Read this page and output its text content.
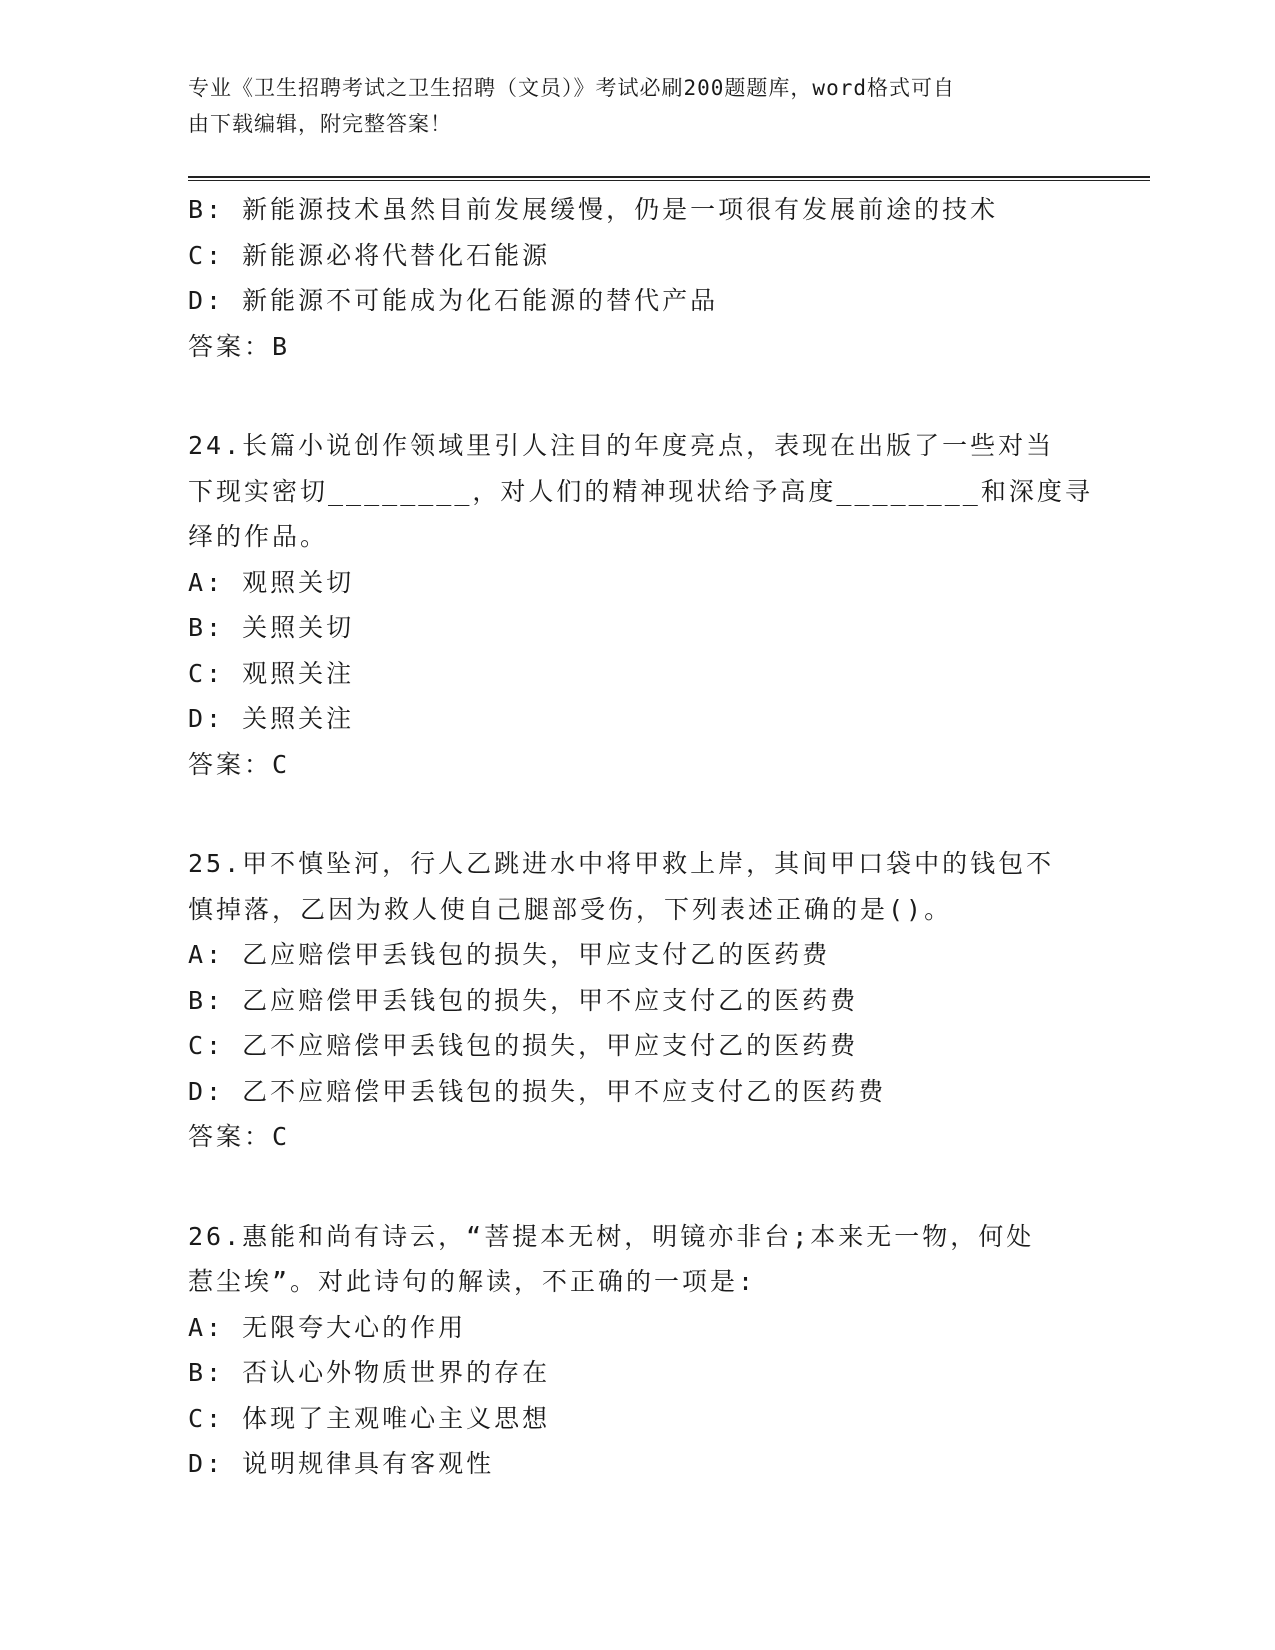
专业《卫生招聘考试之卫生招聘（文员）》考试必刷200题题库，word格式可自
由下载编辑，附完整答案！
B: 新能源技术虽然目前发展缓慢，仍是一项很有发展前途的技术
C: 新能源必将代替化石能源
D: 新能源不可能成为化石能源的替代产品
答案：B
24.长篇小说创作领域里引人注目的年度亮点，表现在出版了一些对当
下现实密切________，对人们的精神现状给予高度________和深度寻
绎的作品。
A: 观照关切
B: 关照关切
C: 观照关注
D: 关照关注
答案：C
25.甲不慎坠河，行人乙跳进水中将甲救上岸，其间甲口袋中的钱包不
慎掉落，乙因为救人使自己腿部受伤，下列表述正确的是()。
A: 乙应赔偿甲丢钱包的损失，甲应支付乙的医药费
B: 乙应赔偿甲丢钱包的损失，甲不应支付乙的医药费
C: 乙不应赔偿甲丢钱包的损失，甲应支付乙的医药费
D: 乙不应赔偿甲丢钱包的损失，甲不应支付乙的医药费
答案：C
26.惠能和尚有诗云，“菩提本无树，明镜亦非台;本来无一物，何处
惹尘埃”。对此诗句的解读，不正确的一项是:
A: 无限夸大心的作用
B: 否认心外物质世界的存在
C: 体现了主观唯心主义思想
D: 说明规律具有客观性
